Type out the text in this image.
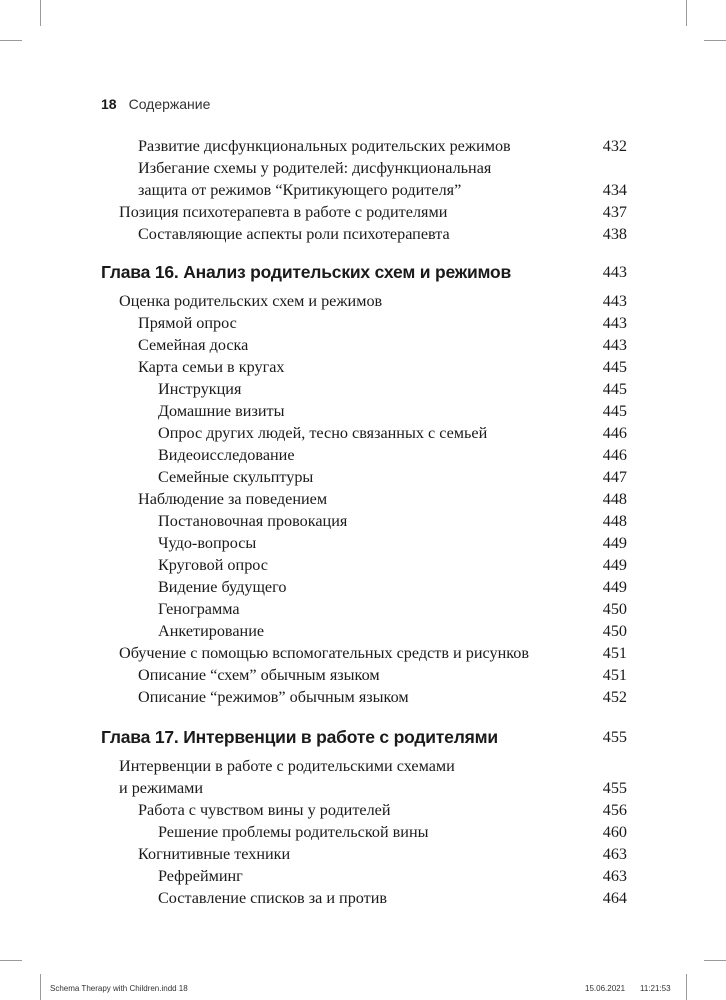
18 Содержание
Развитие дисфункциональных родительских режимов	432
Избегание схемы у родителей: дисфункциональная
защита от режимов “Критикующего родителя”	434
Позиция психотерапевта в работе с родителями	437
Составляющие аспекты роли психотерапевта	438
Глава 16. Анализ родительских схем и режимов	443
Оценка родительских схем и режимов	443
Прямой опрос	443
Семейная доска	443
Карта семьи в кругах	445
Инструкция	445
Домашние визиты	445
Опрос других людей, тесно связанных с семьей	446
Видеоисследование	446
Семейные скульптуры	447
Наблюдение за поведением	448
Постановочная провокация	448
Чудо-вопросы	449
Круговой опрос	449
Видение будущего	449
Генограмма	450
Анкетирование	450
Обучение с помощью вспомогательных средств и рисунков	451
Описание “схем” обычным языком	451
Описание “режимов” обычным языком	452
Глава 17. Интервенции в работе с родителями	455
Интервенции в работе с родительскими схемами
и режимами	455
Работа с чувством вины у родителей	456
Решение проблемы родительской вины	460
Когнитивные техники	463
Рефрейминг	463
Составление списков за и против	464
Schema Therapy with Children.indd 18	15.06.2021 11:21:53
